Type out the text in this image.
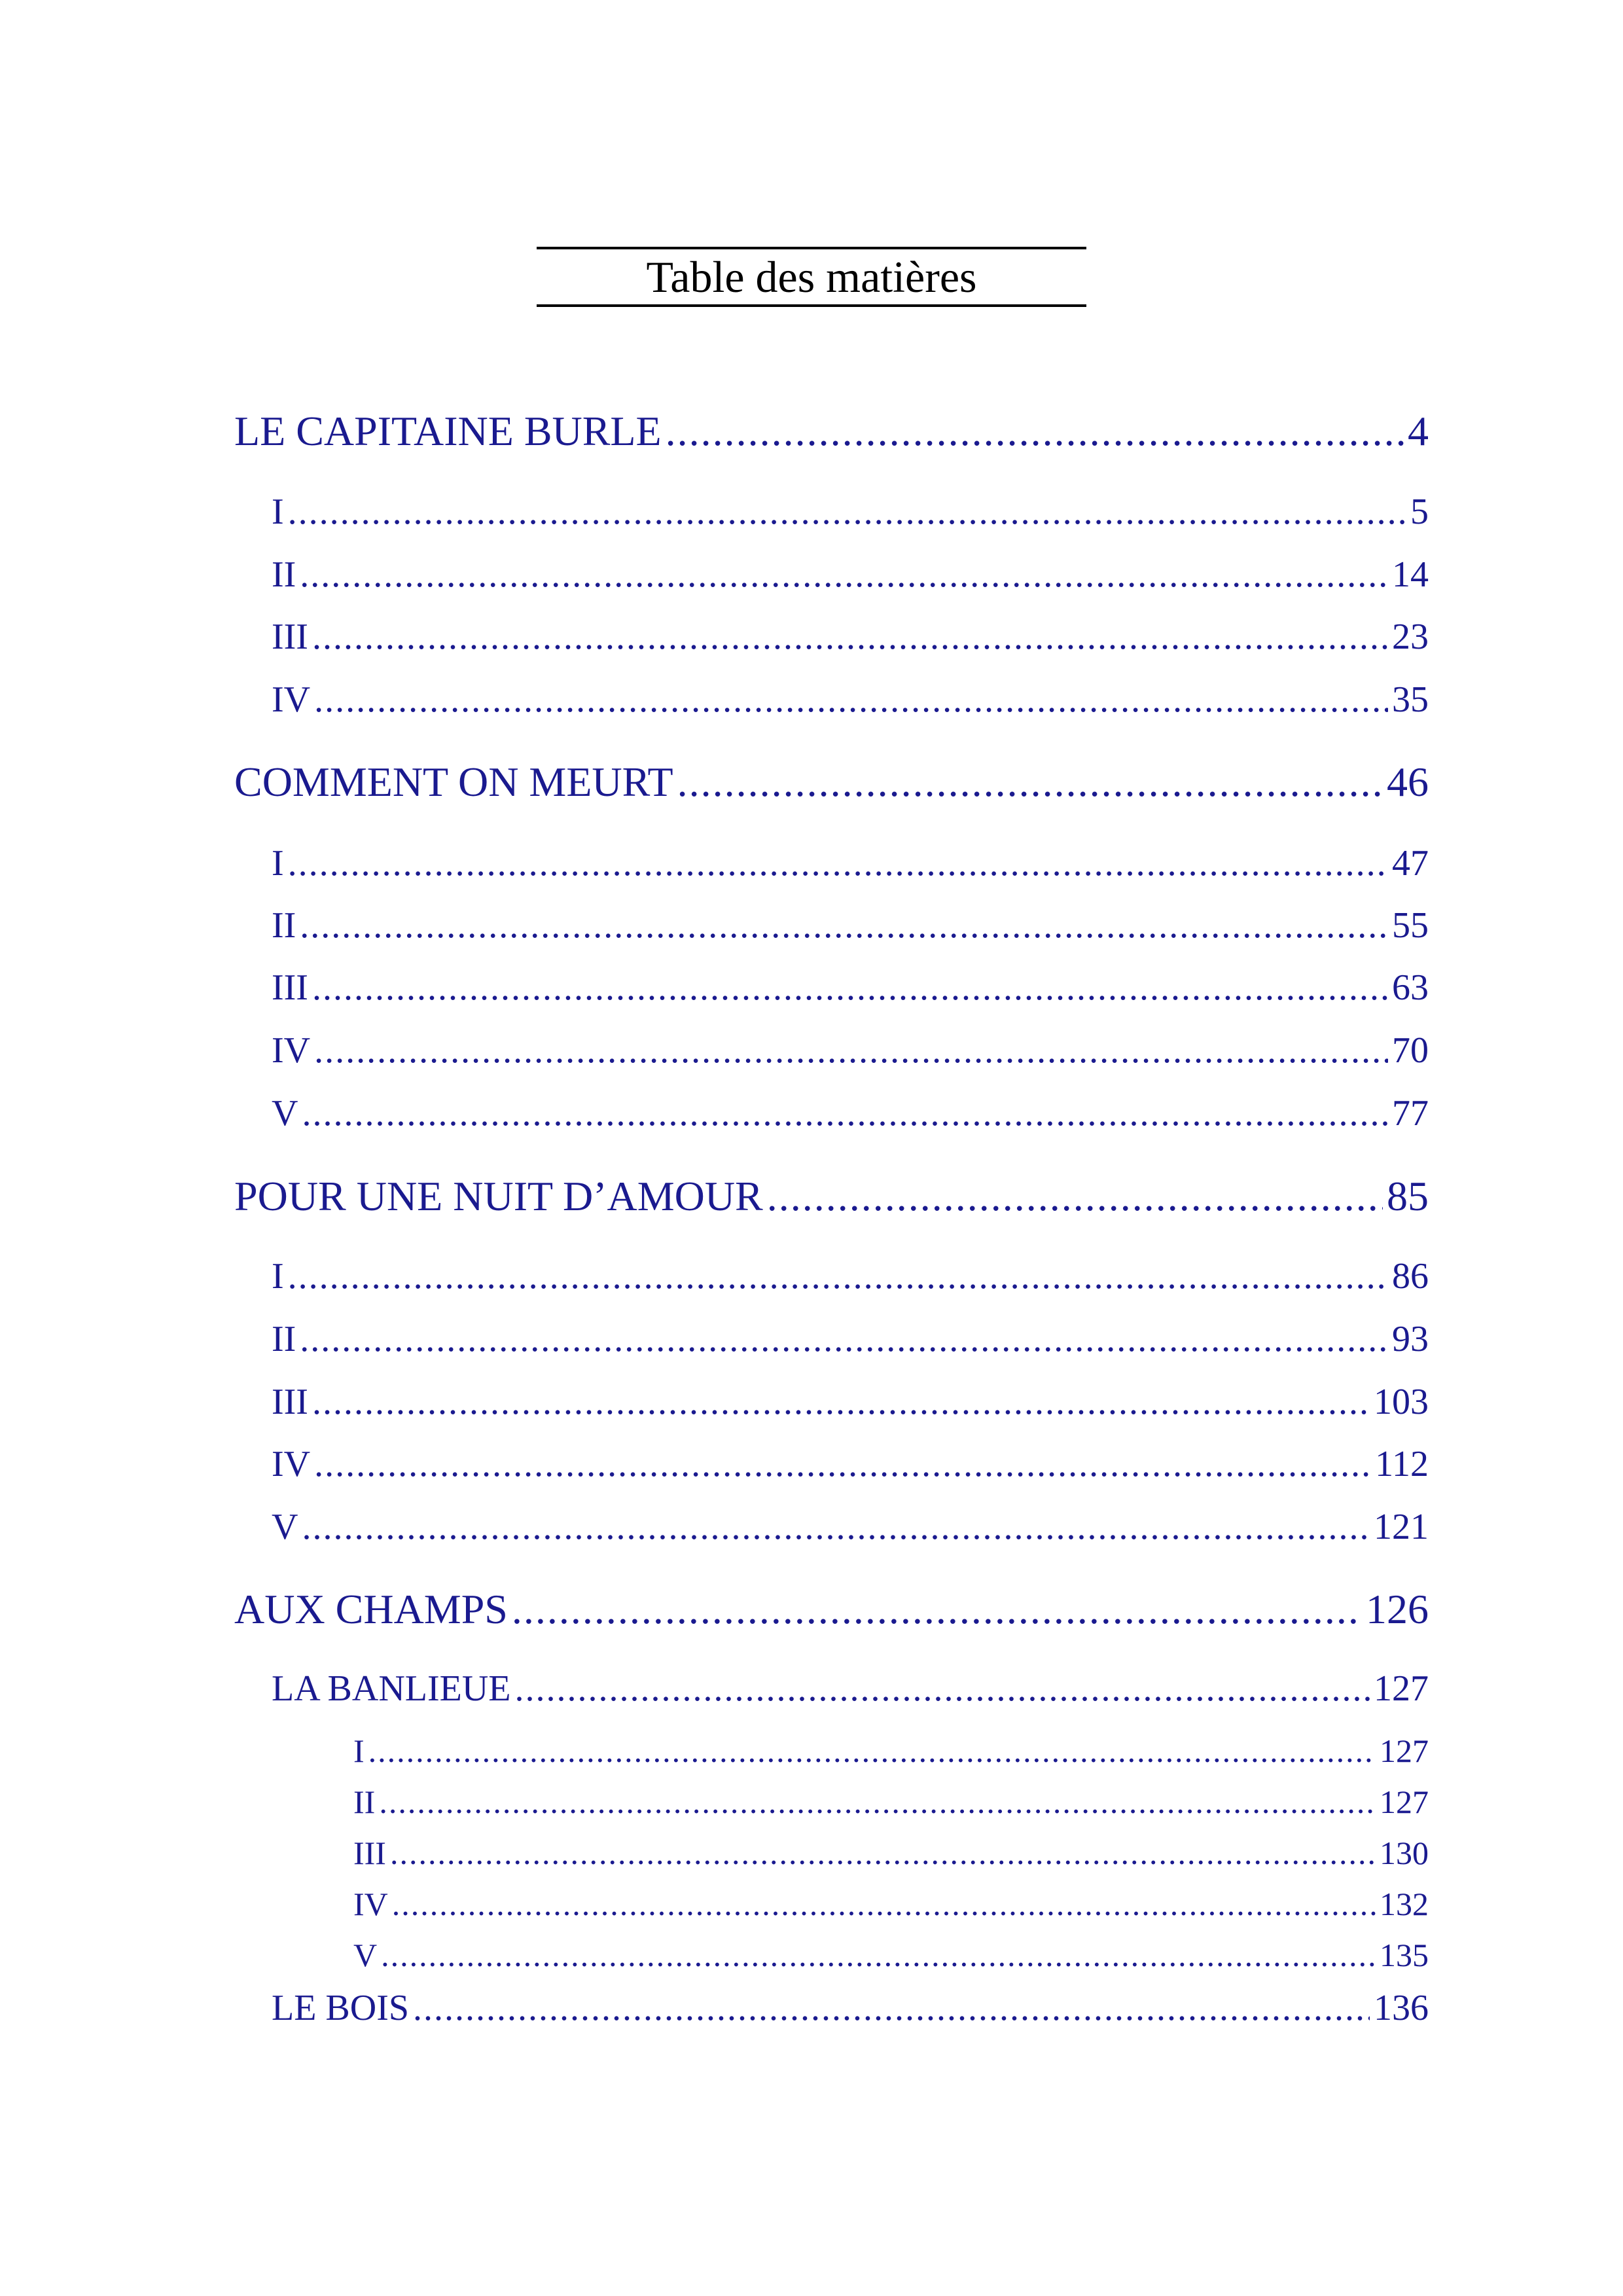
Table des matières
LE CAPITAINE BURLE .....	4
I .....	5
II .....	14
III .....	23
IV .....	35
COMMENT ON MEURT .....	46
I .....	47
II .....	55
III .....	63
IV .....	70
V .....	77
POUR UNE NUIT D’AMOUR .....	85
I .....	86
II .....	93
III .....	103
IV .....	112
V .....	121
AUX CHAMPS .....	126
LA BANLIEUE .....	127
I .....	127
II .....	127
III .....	130
IV .....	132
V .....	135
LE BOIS .....	136
